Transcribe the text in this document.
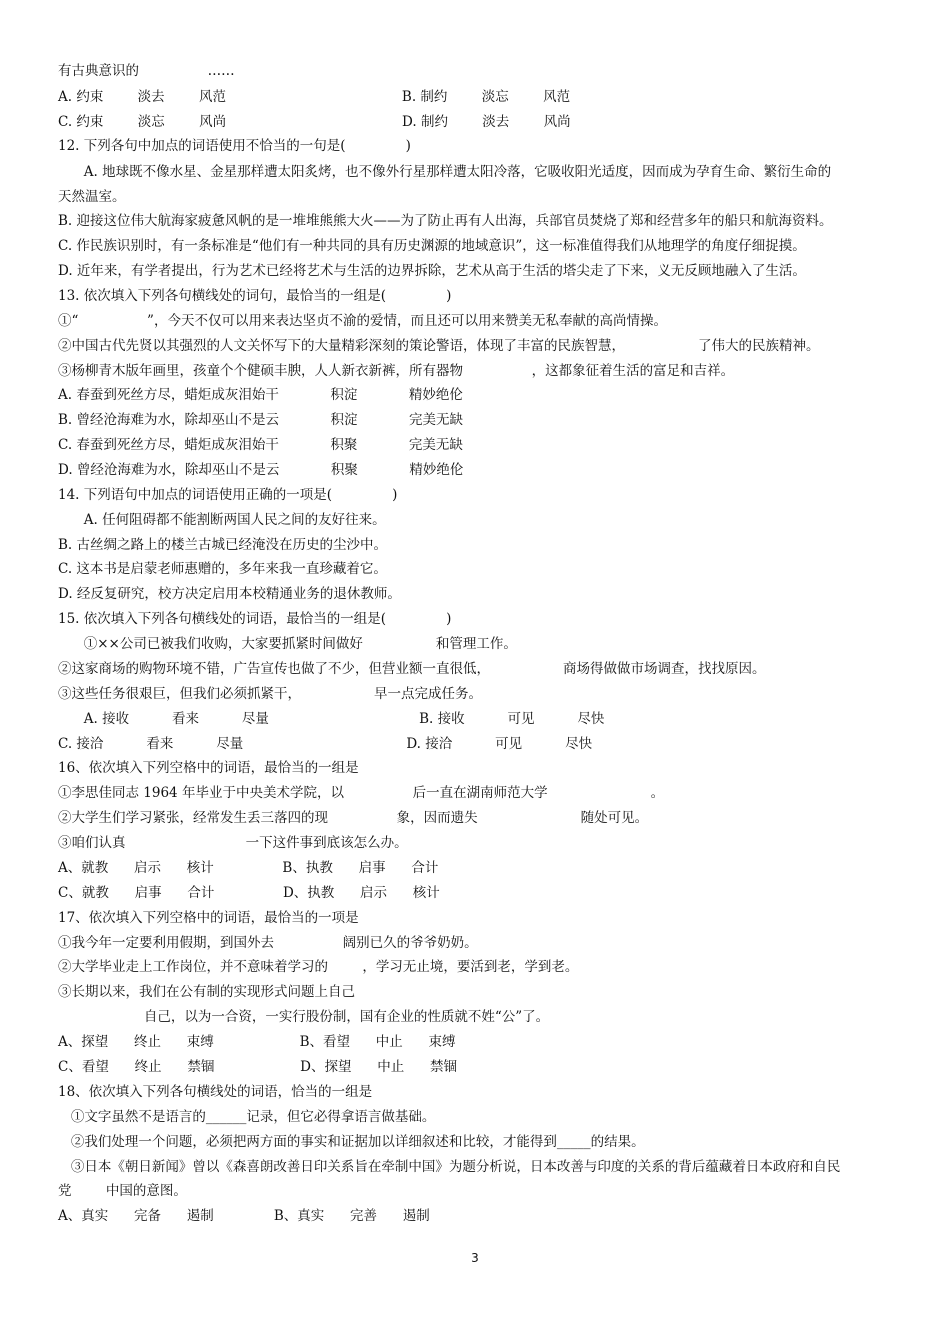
有古典意识的                ……
A. 约束        淡去        风范                                         B. 制约        淡忘        风范
C. 约束        淡忘        风尚                                         D. 制约        淡去        风尚
12. 下列各句中加点的词语使用不恰当的一句是(              )
A. 地球既不像水星、金星那样遭太阳炙烤，也不像外行星那样遭太阳冷落，它吸收阳光适度，因而成为孕育生命、繁衍生命的
天然温室。
B. 迎接这位伟大航海家疲惫风帆的是一堆堆熊熊大火——为了防止再有人出海，兵部官员焚烧了郑和经营多年的船只和航海资料。
C. 作民族识别时，有一条标准是“他们有一种共同的具有历史渊源的地域意识”，这一标准值得我们从地理学的角度仔细捉摸。
D. 近年来，有学者提出，行为艺术已经将艺术与生活的边界拆除，艺术从高于生活的塔尖走了下来，义无反顾地融入了生活。
13. 依次填入下列各句横线处的词句，最恰当的一组是(              )
①“                ”，今天不仅可以用来表达坚贞不渝的爱情，而且还可以用来赞美无私奉献的高尚情操。
②中国古代先贤以其强烈的人文关怀写下的大量精彩深刻的策论警语，体现了丰富的民族智慧，                 了伟大的民族精神。
③杨柳青木版年画里，孩童个个健硕丰腴，人人新衣新裤，所有器物                ，这都象征着生活的富足和吉祥。
A. 春蚕到死丝方尽，蜡炬成灰泪始干            积淀            精妙绝伦
B. 曾经沧海难为水，除却巫山不是云            积淀            完美无缺
C. 春蚕到死丝方尽，蜡炬成灰泪始干            积聚            完美无缺
D. 曾经沧海难为水，除却巫山不是云            积聚            精妙绝伦
14. 下列语句中加点的词语使用正确的一项是(              )
A. 任何阻碍都不能割断两国人民之间的友好往来。
B. 古丝绸之路上的楼兰古城已经淹没在历史的尘沙中。
C. 这本书是启蒙老师惠赠的，多年来我一直珍藏着它。
D. 经反复研究，校方决定启用本校精通业务的退休教师。
15. 依次填入下列各句横线处的词语，最恰当的一组是(              )
①××公司已被我们收购，大家要抓紧时间做好                 和管理工作。
②这家商场的购物环境不错，广告宣传也做了不少，但营业额一直很低，                 商场得做做市场调查，找找原因。
③这些任务很艰巨，但我们必须抓紧干，                 早一点完成任务。
A. 接收          看来          尽量                                   B. 接收          可见          尽快
C. 接洽          看来          尽量                                      D. 接洽          可见          尽快
16、依次填入下列空格中的词语，最恰当的一组是
①李思佳同志 1964 年毕业于中央美术学院，以                后一直在湖南师范大学                        。
②大学生们学习紧张，经常发生丢三落四的现                象，因而遗失                        随处可见。
③咱们认真                            一下这件事到底该怎么办。
A、就教      启示      核计                B、执教      启事      合计
C、就教      启事      合计                D、执教      启示      核计
17、依次填入下列空格中的词语，最恰当的一项是
①我今年一定要利用假期，到国外去                阔别已久的爷爷奶奶。
②大学毕业走上工作岗位，并不意味着学习的        ，学习无止境，要活到老，学到老。
③长期以来，我们在公有制的实现形式问题上自己
自己，以为一合资，一实行股份制，国有企业的性质就不姓“公”了。
A、探望      终止      束缚                    B、看望      中止      束缚
C、看望      终止      禁锢                    D、探望      中止      禁锢
18、依次填入下列各句横线处的词语，恰当的一组是
①文字虽然不是语言的______记录，但它必得拿语言做基础。
②我们处理一个问题，必须把两方面的事实和证据加以详细叙述和比较，才能得到_____的结果。
③日本《朝日新闻》曾以《森喜朗改善日印关系旨在牵制中国》为题分析说，日本改善与印度的关系的背后蕴藏着日本政府和自民
党        中国的意图。
A、真实      完备      遏制              B、真实      完善      遏制
3
